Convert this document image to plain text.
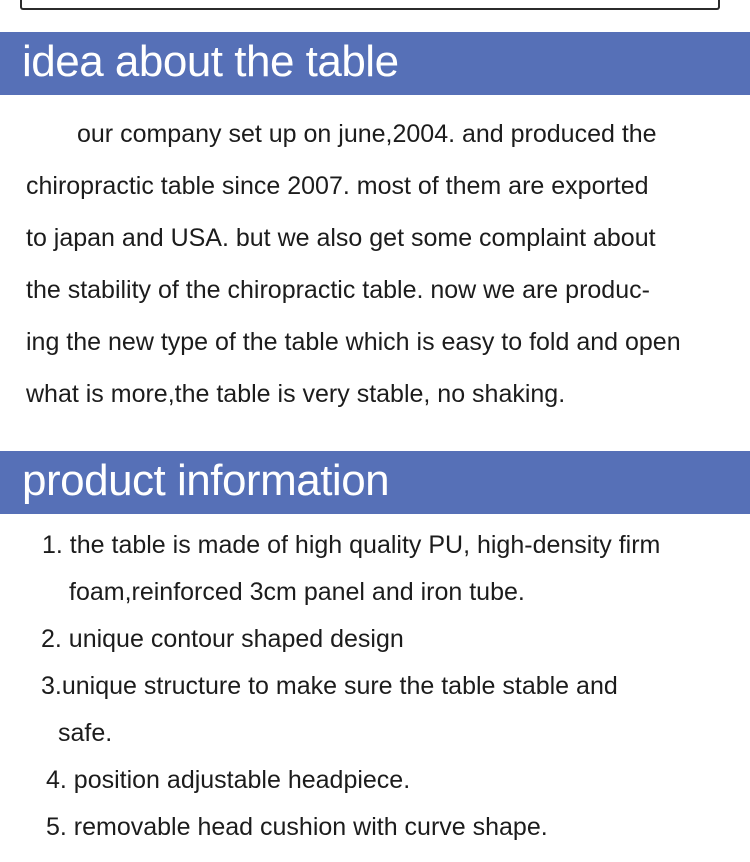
idea about the table
our company set up on june,2004. and produced the
chiropractic table since 2007. most of them are exported
to japan and USA. but we also get some complaint about
the stability of the chiropractic table. now we are produc-
ing the new type of the table which is easy to fold and open
what is more,the table is very stable, no shaking.
product information
1. the table is made of high quality PU, high-density firm
foam,reinforced 3cm panel and iron tube.
2. unique contour shaped design
3.unique structure to make sure the table stable and
safe.
4. position adjustable headpiece.
5. removable head cushion with curve shape.
